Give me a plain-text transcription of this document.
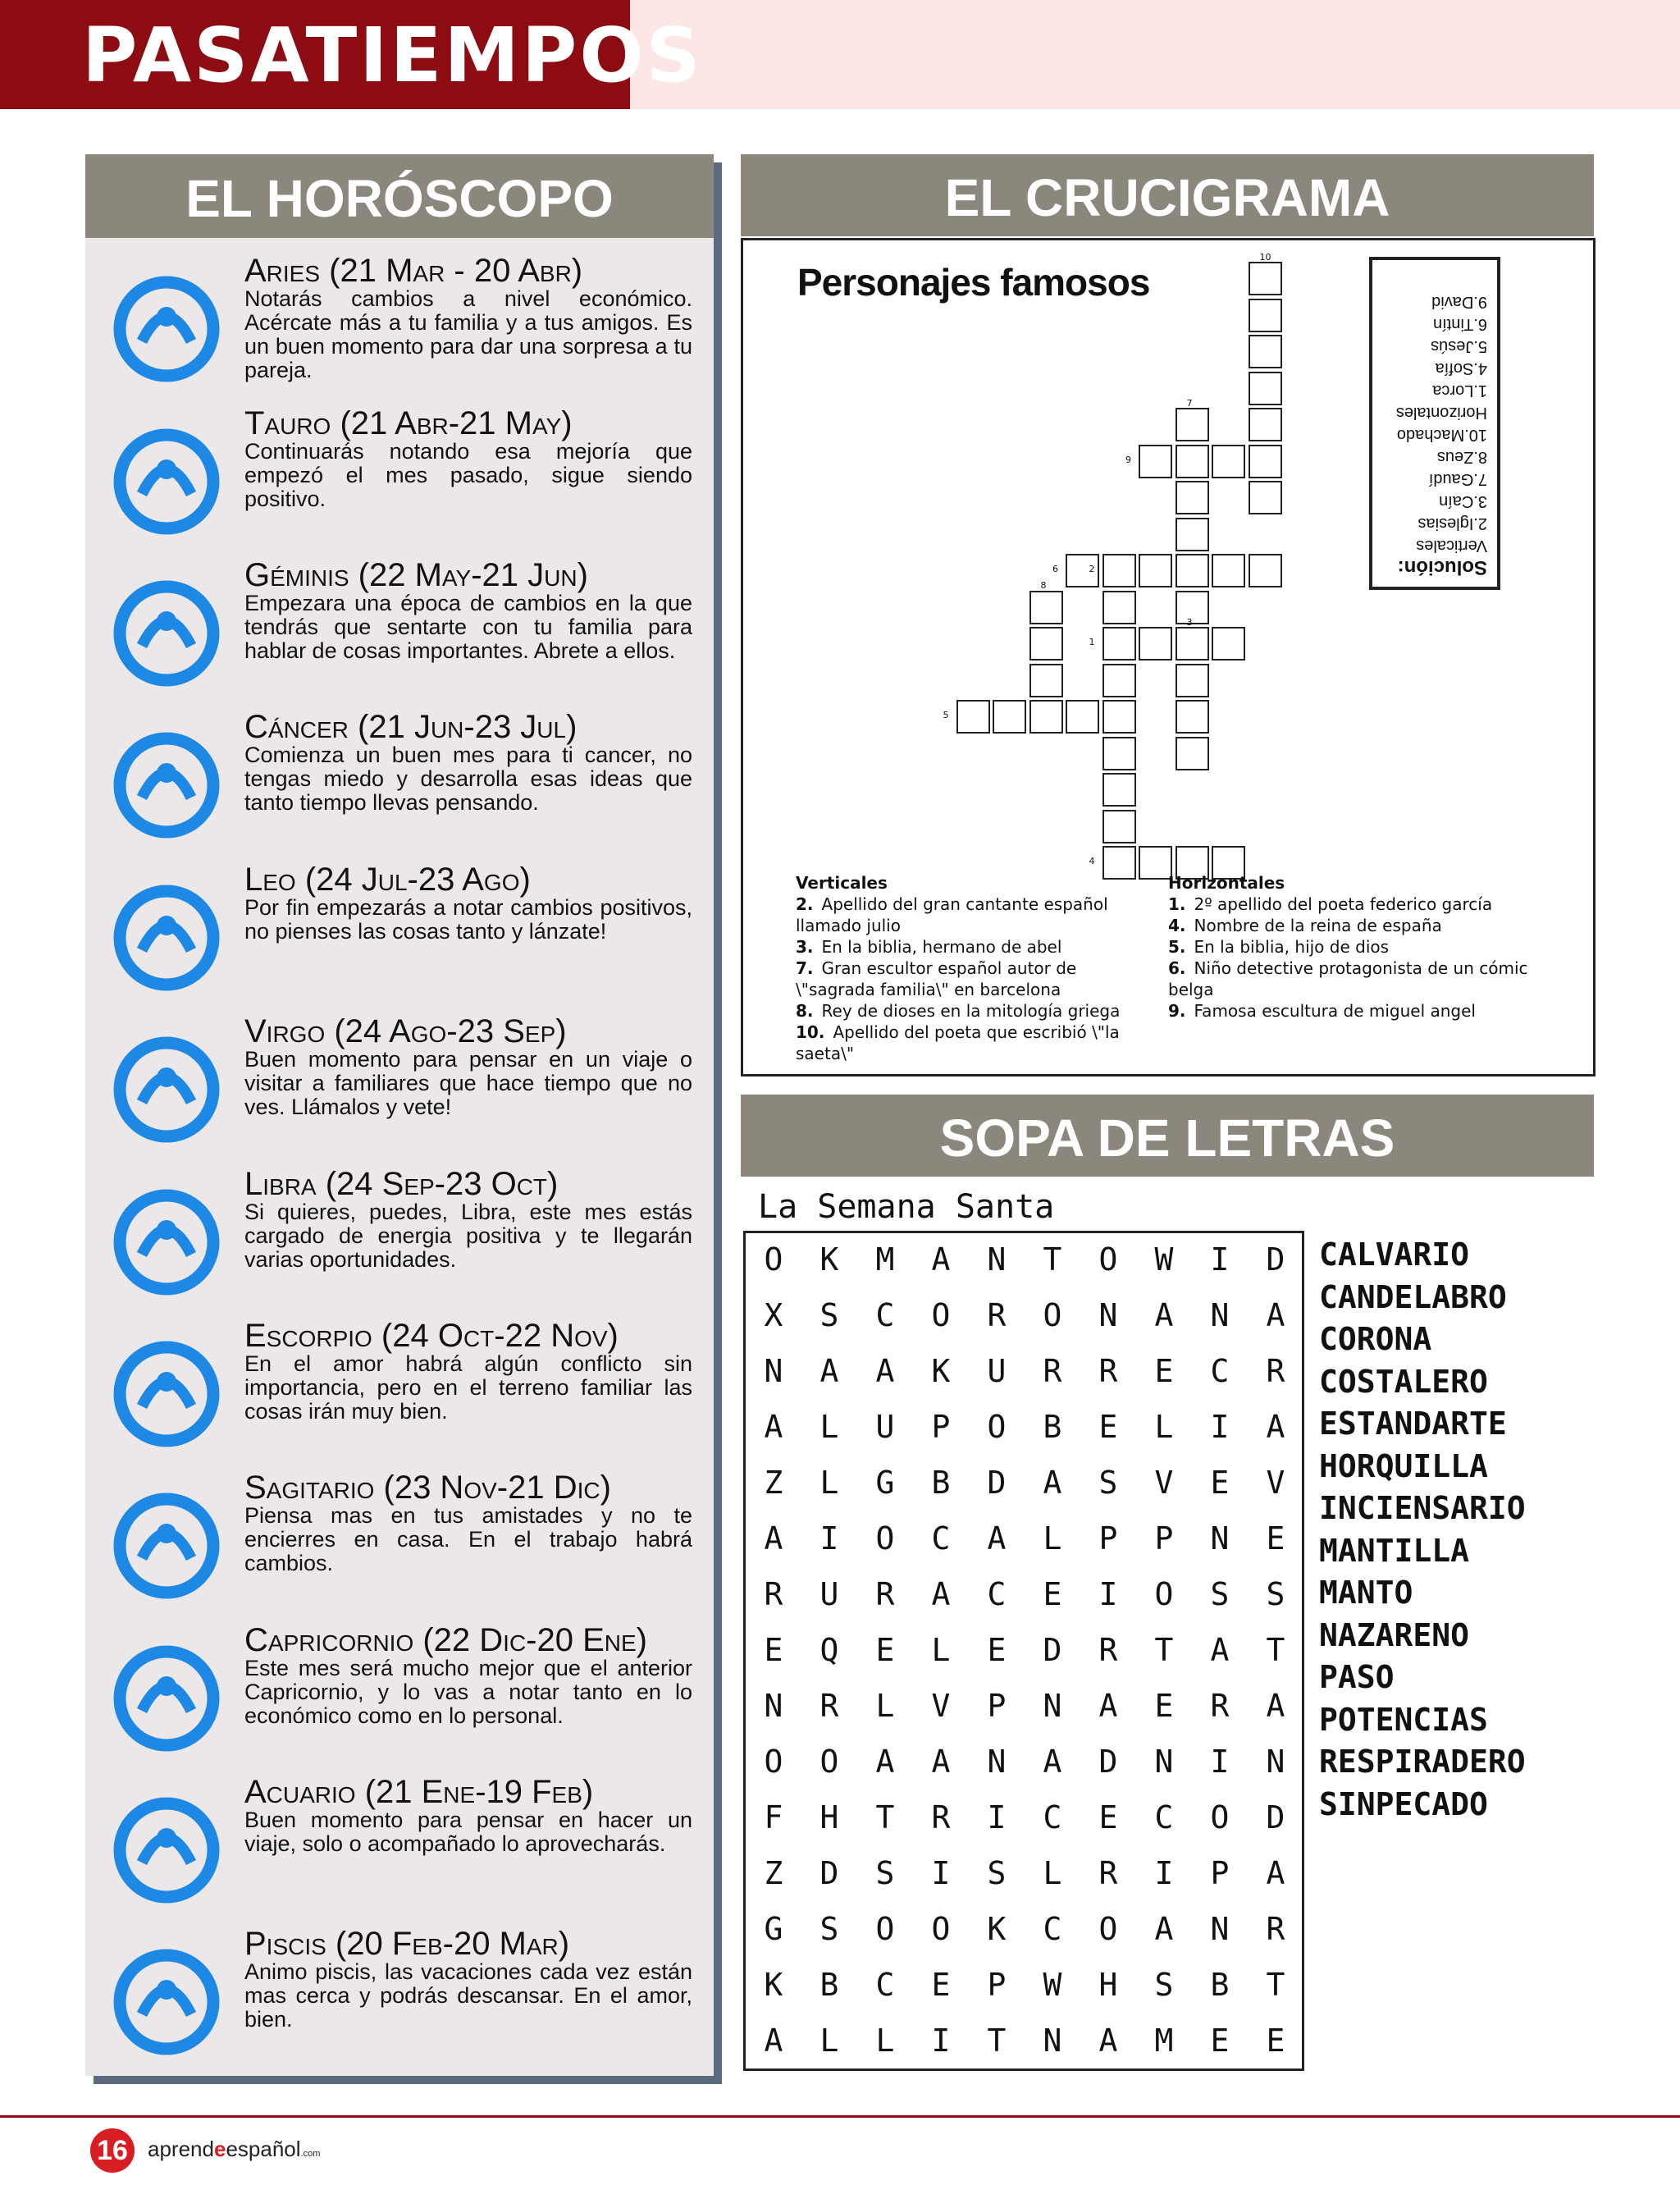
PASATIEMPOS
EL HORÓSCOPO
Aries (21 Mar - 20 Abr)
Notarás cambios a nivel económico. Acércate más a tu familia y a tus amigos. Es un buen momento para dar una sorpresa a tu pareja.
Tauro (21 Abr-21 May)
Continuarás notando esa mejoría que empezó el mes pasado, sigue siendo positivo.
Géminis (22 May-21 Jun)
Empezara una época de cambios en la que tendrás que sentarte con tu familia para hablar de cosas importantes. Abrete a ellos.
Cáncer (21 Jun-23 Jul)
Comienza un buen mes para ti cancer, no tengas miedo y desarrolla esas ideas que tanto tiempo llevas pensando.
Leo (24 Jul-23 Ago)
Por fin empezarás a notar cambios positivos, no pienses las cosas tanto y lánzate!
Virgo (24 Ago-23 Sep)
Buen momento para pensar en un viaje o visitar a familiares que hace tiempo que no ves. Llámalos y vete!
Libra (24 Sep-23 Oct)
Si quieres, puedes, Libra, este mes estás cargado de energia positiva y te llegarán varias oportunidades.
Escorpio (24 Oct-22 Nov)
En el amor habrá algún conflicto sin importancia, pero en el terreno familiar las cosas irán muy bien.
Sagitario (23 Nov-21 Dic)
Piensa mas en tus amistades y no te encierres en casa. En el trabajo habrá cambios.
Capricornio (22 Dic-20 Ene)
Este mes será mucho mejor que el anterior Capricornio, y lo vas a notar tanto en lo económico como en lo personal.
Acuario (21 Ene-19 Feb)
Buen momento para pensar en hacer un viaje, solo o acompañado lo aprovecharás.
Piscis (20 Feb-20 Mar)
Animo piscis, las vacaciones cada vez están mas cerca y podrás descansar. En el amor, bien.
EL CRUCIGRAMA
Personajes famosos
1
2
3
4
5
6
7
8
9
10
Solución:
Verticales
2.Iglesias
3.Caín
7.Gaudí
8.Zeus
10.Machado
Horizontales
1.Lorca
4.Sofía
5.Jesús
6.Tintín
9.David
Verticales
2. Apellido del gran cantante español llamado julio
3. En la biblia, hermano de abel
7. Gran escultor español autor de \"sagrada familia\" en barcelona
8. Rey de dioses en la mitología griega
10. Apellido del poeta que escribió \"la saeta\"
Horizontales
1. 2º apellido del poeta federico garcía
4. Nombre de la reina de españa
5. En la biblia, hijo de dios
6. Niño detective protagonista de un cómic belga
9. Famosa escultura de miguel angel
SOPA DE LETRAS
La Semana Santa
O	K	M	A	N	T	O	W	I	D
X	S	C	O	R	O	N	A	N	A
N	A	A	K	U	R	R	E	C	R
A	L	U	P	O	B	E	L	I	A
Z	L	G	B	D	A	S	V	E	V
A	I	O	C	A	L	P	P	N	E
R	U	R	A	C	E	I	O	S	S
E	Q	E	L	E	D	R	T	A	T
N	R	L	V	P	N	A	E	R	A
O	O	A	A	N	A	D	N	I	N
F	H	T	R	I	C	E	C	O	D
Z	D	S	I	S	L	R	I	P	A
G	S	O	O	K	C	O	A	N	R
K	B	C	E	P	W	H	S	B	T
A	L	L	I	T	N	A	M	E	E
CALVARIO
CANDELABRO
CORONA
COSTALERO
ESTANDARTE
HORQUILLA
INCIENSARIO
MANTILLA
MANTO
NAZARENO
PASO
POTENCIAS
RESPIRADERO
SINPECADO
16 aprendeespañol.com
